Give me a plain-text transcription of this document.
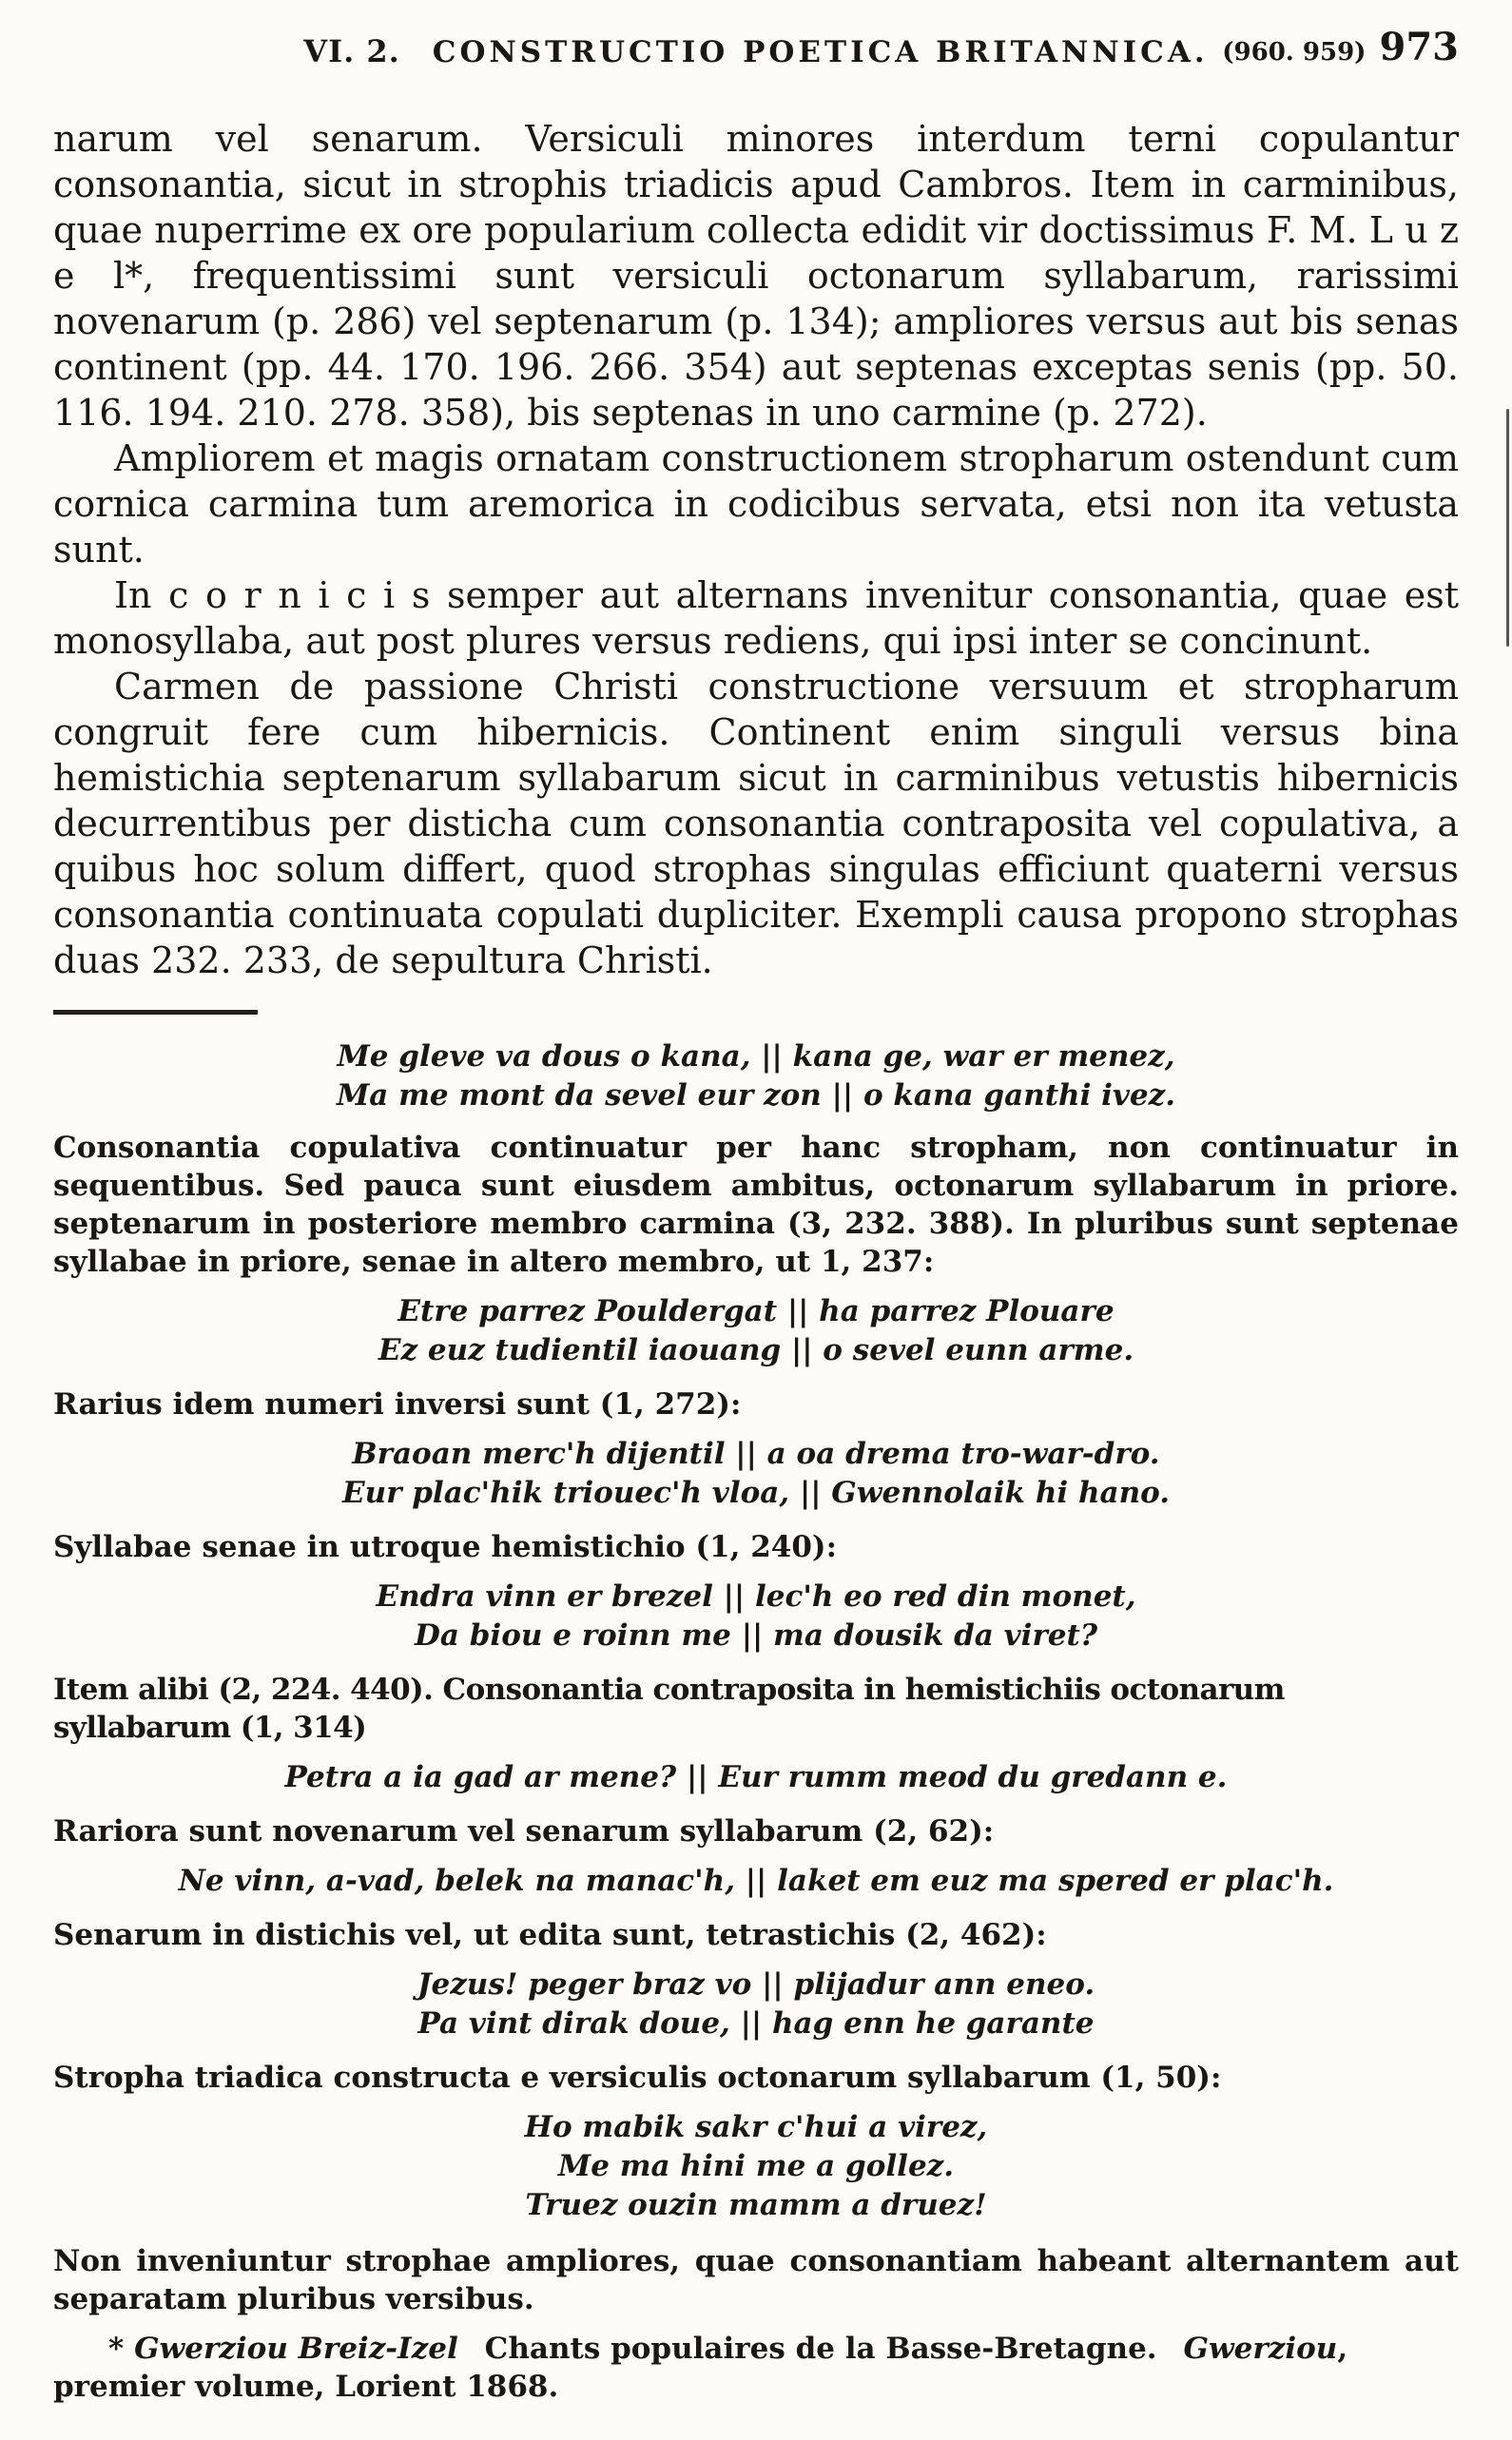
VI. 2. CONSTRUCTIO POETICA BRITANNICA. (960. 959) 973

narum vel senarum. Versiculi minores interdum terni copulantur consonantia, sicut in strophis triadicis apud Cambros. Item in carminibus, quae nuperrime ex ore popularium collecta edidit vir doctissimus F. M. L u z e l*, frequentissimi sunt versiculi octonarum syllabarum, rarissimi novenarum (p. 286) vel septenarum (p. 134); ampliores versus aut bis senas continent (pp. 44. 170. 196. 266. 354) aut septenas exceptas senis (pp. 50. 116. 194. 210. 278. 358), bis septenas in uno carmine (p. 272).

Ampliorem et magis ornatam constructionem stropharum ostendunt cum cornica carmina tum aremorica in codicibus servata, etsi non ita vetusta sunt.

In c o r n i c i s semper aut alternans invenitur consonantia, quae est monosyllaba, aut post plures versus rediens, qui ipsi inter se concinunt.

Carmen de passione Christi constructione versuum et stropharum congruit fere cum hibernicis. Continent enim singuli versus bina hemistichia septenarum syllabarum sicut in carminibus vetustis hibernicis decurrentibus per disticha cum consonantia contraposita vel copulativa, a quibus hoc solum differt, quod strophas singulas efficiunt quaterni versus consonantia continuata copulati dupliciter. Exempli causa propono strophas duas 232. 233, de sepultura Christi.

Me gleve va dous o kana, || kana ge, war er menez,
Ma me mont da sevel eur zon || o kana ganthi ivez.

Consonantia copulativa continuatur per hanc stropham, non continuatur in sequentibus. Sed pauca sunt eiusdem ambitus, octonarum syllabarum in priore. septenarum in posteriore membro carmina (3, 232. 388). In pluribus sunt septenae syllabae in priore, senae in altero membro, ut 1, 237:

Etre parrez Pouldergat || ha parrez Plouare
Ez euz tudientil iaouang || o sevel eunn arme.

Rarius idem numeri inversi sunt (1, 272):

Braoan merc'h dijentil || a oa drema tro-war-dro.
Eur plac'hik triouec'h vloa, || Gwennolaik hi hano.

Syllabae senae in utroque hemistichio (1, 240):

Endra vinn er brezel || lec'h eo red din monet,
Da biou e roinn me || ma dousik da viret?

Item alibi (2, 224. 440). Consonantia contraposita in hemistichiis octonarum syllabarum (1, 314)

Petra a ia gad ar mene? || Eur rumm meod du gredann e.

Rariora sunt novenarum vel senarum syllabarum (2, 62):

Ne vinn, a-vad, belek na manac'h, || laket em euz ma spered er plac'h.

Senarum in distichis vel, ut edita sunt, tetrastichis (2, 462):

Jezus! peger braz vo || plijadur ann eneo.
Pa vint dirak doue, || hag enn he garante

Stropha triadica constructa e versiculis octonarum syllabarum (1, 50):

Ho mabik sakr c'hui a virez,
Me ma hini me a gollez.
Truez ouzin mamm a druez!

Non inveniuntur strophae ampliores, quae consonantiam habeant alternantem aut separatam pluribus versibus.

* Gwerziou Breiz-Izel Chants populaires de la Basse-Bretagne. Gwerziou, premier volume, Lorient 1868.
